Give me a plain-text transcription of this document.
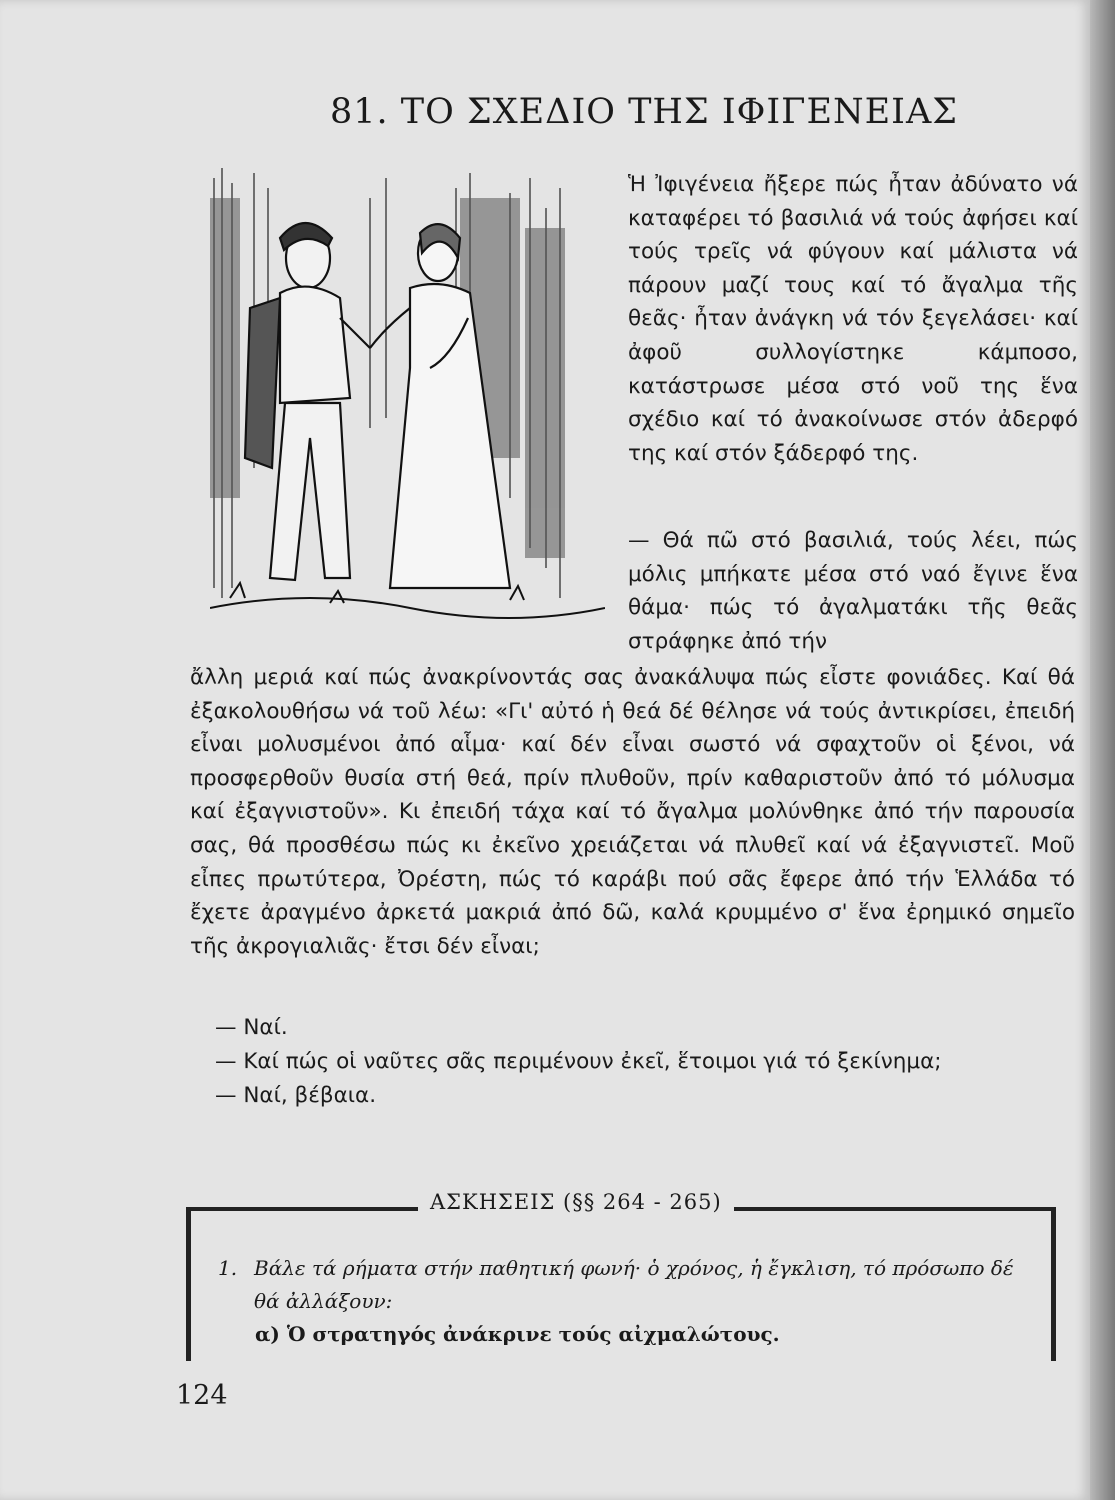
81. ΤΟ ΣΧΕΔΙΟ ΤΗΣ ΙΦΙΓΕΝΕΙΑΣ
Ἡ Ἰφιγένεια ἤξερε πώς ἦταν ἀδύνατο νά καταφέρει τό βασιλιά νά τούς ἀφήσει καί τούς τρεῖς νά φύγουν καί μάλιστα νά πάρουν μαζί τους καί τό ἄγαλμα τῆς θεᾶς· ἦταν ἀνάγκη νά τόν ξεγελάσει· καί ἀφοῦ συλλογίστηκε κάμποσο, κατάστρωσε μέσα στό νοῦ της ἕνα σχέδιο καί τό ἀνακοίνωσε στόν ἀδερφό της καί στόν ξάδερφό της.
— Θά πῶ στό βασιλιά, τούς λέει, πώς μόλις μπήκατε μέσα στό ναό ἔγινε ἕνα θάμα· πώς τό ἀγαλματάκι τῆς θεᾶς στράφηκε ἀπό τήν
ἄλλη μεριά καί πώς ἀνακρίνοντάς σας ἀνακάλυψα πώς εἶστε φονιάδες. Καί θά ἐξακολουθήσω νά τοῦ λέω: «Γι' αὐτό ἡ θεά δέ θέλησε νά τούς ἀντικρίσει, ἐπειδή εἶναι μολυσμένοι ἀπό αἷμα· καί δέν εἶναι σωστό νά σφαχτοῦν οἱ ξένοι, νά προσφερθοῦν θυσία στή θεά, πρίν πλυθοῦν, πρίν καθαριστοῦν ἀπό τό μόλυσμα καί ἐξαγνιστοῦν». Κι ἐπειδή τάχα καί τό ἄγαλμα μολύνθηκε ἀπό τήν παρουσία σας, θά προσθέσω πώς κι ἐκεῖνο χρειάζεται νά πλυθεῖ καί νά ἐξαγνιστεῖ. Μοῦ εἶπες πρωτύτερα, Ὀρέστη, πώς τό καράβι πού σᾶς ἔφερε ἀπό τήν Ἑλλάδα τό ἔχετε ἀραγμένο ἀρκετά μακριά ἀπό δῶ, καλά κρυμμένο σ' ἕνα ἐρημικό σημεῖο τῆς ἀκρογιαλιᾶς· ἔτσι δέν εἶναι;
— Ναί.
— Καί πώς οἱ ναῦτες σᾶς περιμένουν ἐκεῖ, ἕτοιμοι γιά τό ξεκίνημα;
— Ναί, βέβαια.
ΑΣΚΗΣΕΙΣ (§§ 264 - 265)
1. Βάλε τά ρήματα στήν παθητική φωνή· ὁ χρόνος, ἡ ἔγκλιση, τό πρόσωπο δέ θά ἀλλάξουν:
α) Ὁ στρατηγός ἀνάκρινε τούς αἰχμαλώτους.
124
